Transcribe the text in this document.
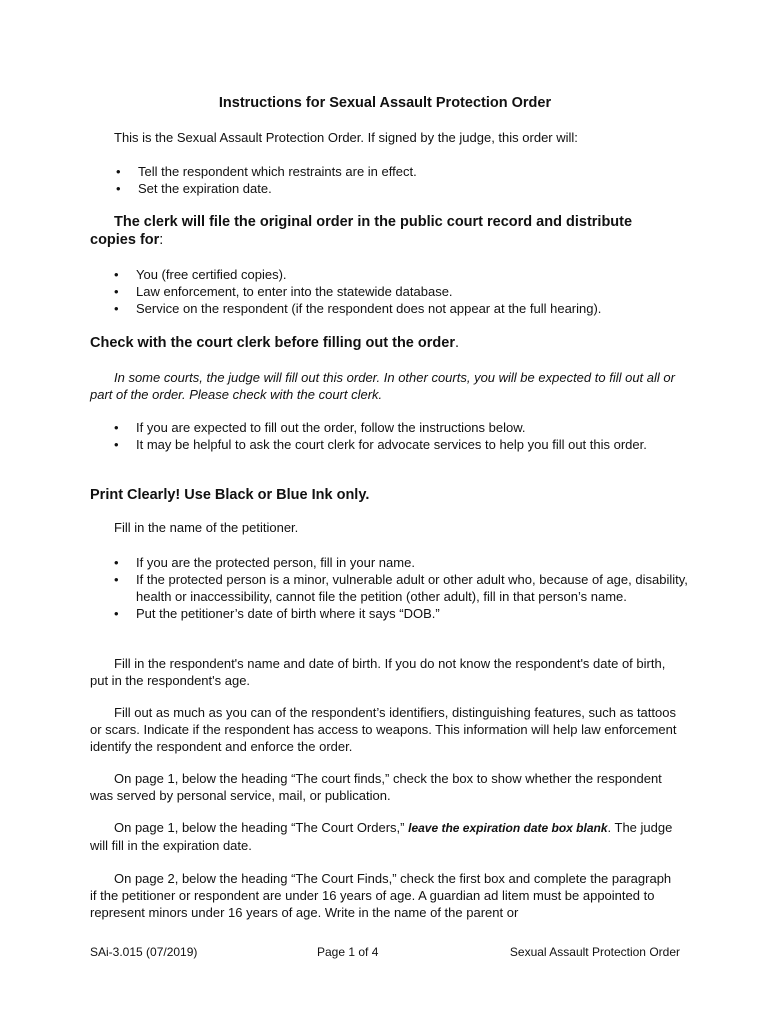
Instructions for Sexual Assault Protection Order

This is the Sexual Assault Protection Order. If signed by the judge, this order will:

• Tell the respondent which restraints are in effect.
• Set the expiration date.

The clerk will file the original order in the public court record and distribute copies for:

• You (free certified copies).
• Law enforcement, to enter into the statewide database.
• Service on the respondent (if the respondent does not appear at the full hearing).

Check with the court clerk before filling out the order.

In some courts, the judge will fill out this order. In other courts, you will be expected to fill out all or part of the order. Please check with the court clerk.

• If you are expected to fill out the order, follow the instructions below.
• It may be helpful to ask the court clerk for advocate services to help you fill out this order.

Print Clearly! Use Black or Blue Ink only.

Fill in the name of the petitioner.

• If you are the protected person, fill in your name.
• If the protected person is a minor, vulnerable adult or other adult who, because of age, disability, health or inaccessibility, cannot file the petition (other adult), fill in that person’s name.
• Put the petitioner’s date of birth where it says “DOB.”

Fill in the respondent's name and date of birth. If you do not know the respondent's date of birth, put in the respondent's age.

Fill out as much as you can of the respondent’s identifiers, distinguishing features, such as tattoos or scars. Indicate if the respondent has access to weapons. This information will help law enforcement identify the respondent and enforce the order.

On page 1, below the heading “The court finds,” check the box to show whether the respondent was served by personal service, mail, or publication.

On page 1, below the heading “The Court Orders,” leave the expiration date box blank. The judge will fill in the expiration date.

On page 2, below the heading “The Court Finds,” check the first box and complete the paragraph if the petitioner or respondent are under 16 years of age. A guardian ad litem must be appointed to represent minors under 16 years of age. Write in the name of the parent or

SAi-3.015 (07/2019)	Page 1 of 4	Sexual Assault Protection Order
